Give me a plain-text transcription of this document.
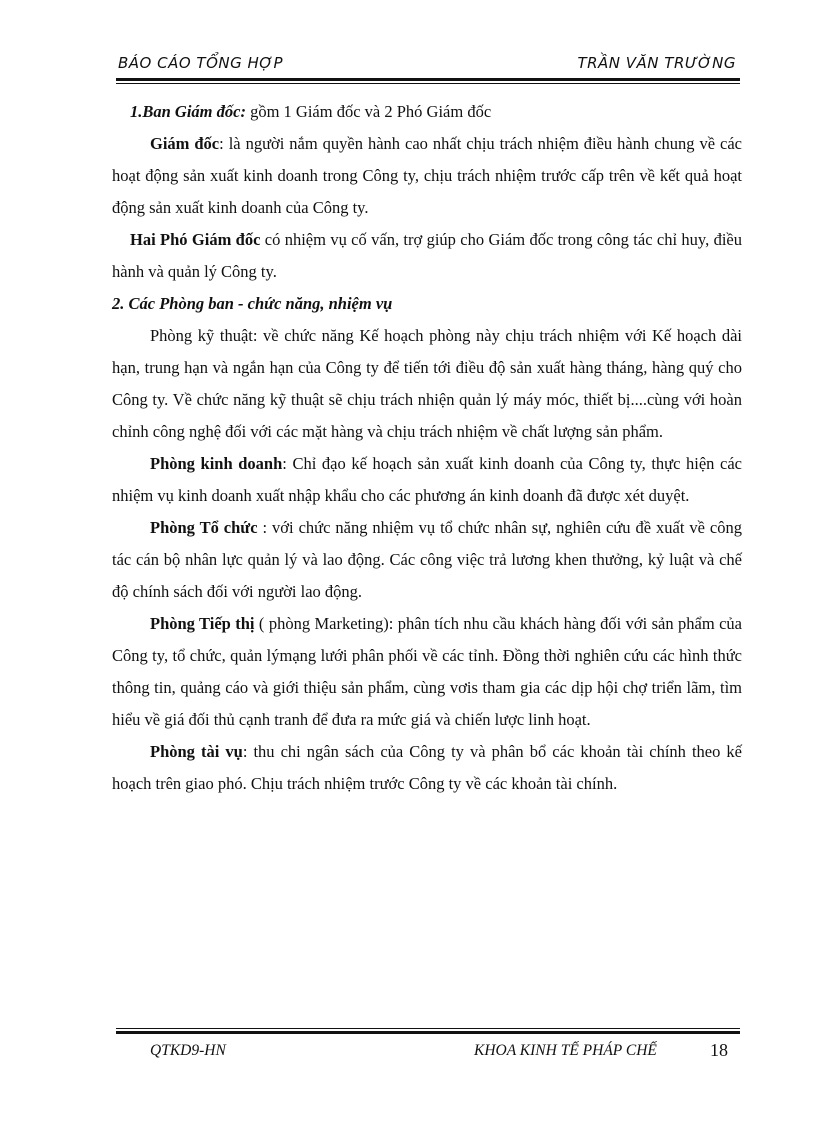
BÁO CÁO TỔNG HỢP	TRẦN VĂN TRƯỜNG

1.Ban Giám đốc: gồm 1 Giám đốc và 2 Phó Giám đốc

Giám đốc: là người nắm quyền hành cao nhất chịu trách nhiệm điều hành chung về các hoạt động sản xuất kinh doanh trong Công ty, chịu trách nhiệm trước cấp trên về kết quả hoạt động sản xuất kinh doanh của Công ty.

Hai Phó Giám đốc có nhiệm vụ cố vấn, trợ giúp cho Giám đốc trong công tác chỉ huy, điều hành và quản lý Công ty.

2. Các Phòng ban - chức năng, nhiệm vụ

Phòng kỹ thuật: về chức năng Kế hoạch phòng này chịu trách nhiệm với Kế hoạch dài hạn, trung hạn và ngắn hạn của Công ty để tiến tới điều độ sản xuất hàng tháng, hàng quý cho Công ty. Về chức năng kỹ thuật sẽ chịu trách nhiện quản lý máy móc, thiết bị....cùng với hoàn chỉnh công nghệ đối với các mặt hàng và chịu trách nhiệm về chất lượng sản phẩm.

Phòng kinh doanh: Chỉ đạo kế hoạch sản xuất kinh doanh của Công ty, thực hiện các nhiệm vụ kinh doanh xuất nhập khẩu cho các phương án kinh doanh đã được xét duyệt.

Phòng Tổ chức : với chức năng nhiệm vụ tổ chức nhân sự, nghiên cứu đề xuất về công tác cán bộ nhân lực quản lý và lao động. Các công việc trả lương khen thưởng, kỷ luật và chế độ chính sách đối với người lao động.

Phòng Tiếp thị ( phòng Marketing): phân tích nhu cầu khách hàng đối với sản phẩm của Công ty, tổ chức, quản lýmạng lưới phân phối về các tỉnh. Đồng thời nghiên cứu các hình thức thông tin, quảng cáo và giới thiệu sản phẩm, cùng vơis tham gia các dịp hội chợ triển lãm, tìm hiểu về giá đối thủ cạnh tranh để đưa ra mức giá và chiến lược linh hoạt.

Phòng tài vụ: thu chi ngân sách của Công ty và phân bổ các khoản tài chính theo kế hoạch trên giao phó. Chịu trách nhiệm trước Công ty về các khoản tài chính.

QTKD9-HN	KHOA KINH TẾ PHÁP CHẾ	18
